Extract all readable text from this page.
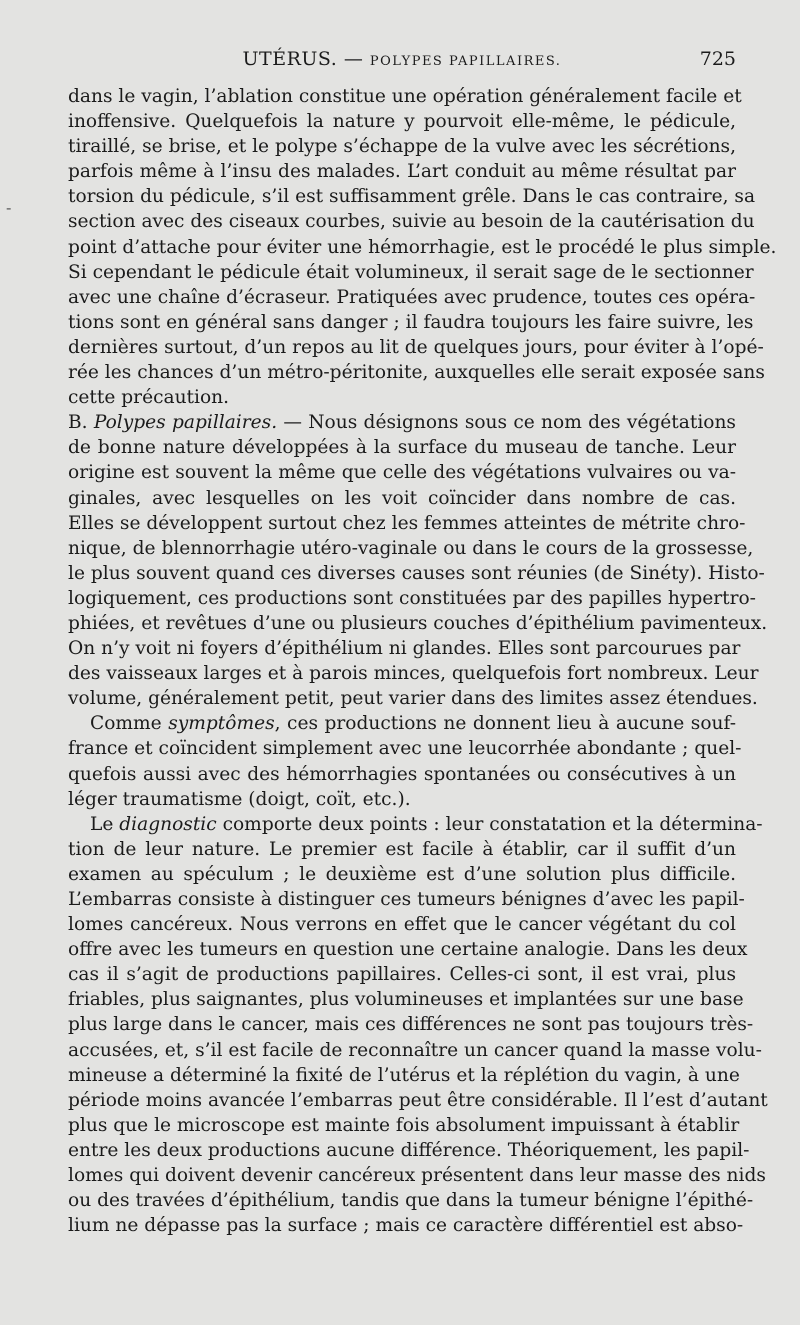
UTÉRUS. — POLYPES PAPILLAIRES.	725
-
dans le vagin, l’ablation constitue une opération généralement facile et
inoffensive. Quelquefois la nature y pourvoit elle-même, le pédicule,
tiraillé, se brise, et le polype s’échappe de la vulve avec les sécrétions,
parfois même à l’insu des malades. L’art conduit au même résultat par
torsion du pédicule, s’il est suffisamment grêle. Dans le cas contraire, sa
section avec des ciseaux courbes, suivie au besoin de la cautérisation du
point d’attache pour éviter une hémorrhagie, est le procédé le plus simple.
Si cependant le pédicule était volumineux, il serait sage de le sectionner
avec une chaîne d’écraseur. Pratiquées avec prudence, toutes ces opéra-
tions sont en général sans danger ; il faudra toujours les faire suivre, les
dernières surtout, d’un repos au lit de quelques jours, pour éviter à l’opé-
rée les chances d’un métro-péritonite, auxquelles elle serait exposée sans
cette précaution.
B. Polypes papillaires. — Nous désignons sous ce nom des végétations
de bonne nature développées à la surface du museau de tanche. Leur
origine est souvent la même que celle des végétations vulvaires ou va-
ginales, avec lesquelles on les voit coïncider dans nombre de cas.
Elles se développent surtout chez les femmes atteintes de métrite chro-
nique, de blennorrhagie utéro-vaginale ou dans le cours de la grossesse,
le plus souvent quand ces diverses causes sont réunies (de Sinéty). Histo-
logiquement, ces productions sont constituées par des papilles hypertro-
phiées, et revêtues d’une ou plusieurs couches d’épithélium pavimenteux.
On n’y voit ni foyers d’épithélium ni glandes. Elles sont parcourues par
des vaisseaux larges et à parois minces, quelquefois fort nombreux. Leur
volume, généralement petit, peut varier dans des limites assez étendues.
Comme symptômes, ces productions ne donnent lieu à aucune souf-
france et coïncident simplement avec une leucorrhée abondante ; quel-
quefois aussi avec des hémorrhagies spontanées ou consécutives à un
léger traumatisme (doigt, coït, etc.).
Le diagnostic comporte deux points : leur constatation et la détermina-
tion de leur nature. Le premier est facile à établir, car il suffit d’un
examen au spéculum ; le deuxième est d’une solution plus difficile.
L’embarras consiste à distinguer ces tumeurs bénignes d’avec les papil-
lomes cancéreux. Nous verrons en effet que le cancer végétant du col
offre avec les tumeurs en question une certaine analogie. Dans les deux
cas il s’agit de productions papillaires. Celles-ci sont, il est vrai, plus
friables, plus saignantes, plus volumineuses et implantées sur une base
plus large dans le cancer, mais ces différences ne sont pas toujours très-
accusées, et, s’il est facile de reconnaître un cancer quand la masse volu-
mineuse a déterminé la fixité de l’utérus et la réplétion du vagin, à une
période moins avancée l’embarras peut être considérable. Il l’est d’autant
plus que le microscope est mainte fois absolument impuissant à établir
entre les deux productions aucune différence. Théoriquement, les papil-
lomes qui doivent devenir cancéreux présentent dans leur masse des nids
ou des travées d’épithélium, tandis que dans la tumeur bénigne l’épithé-
lium ne dépasse pas la surface ; mais ce caractère différentiel est abso-
